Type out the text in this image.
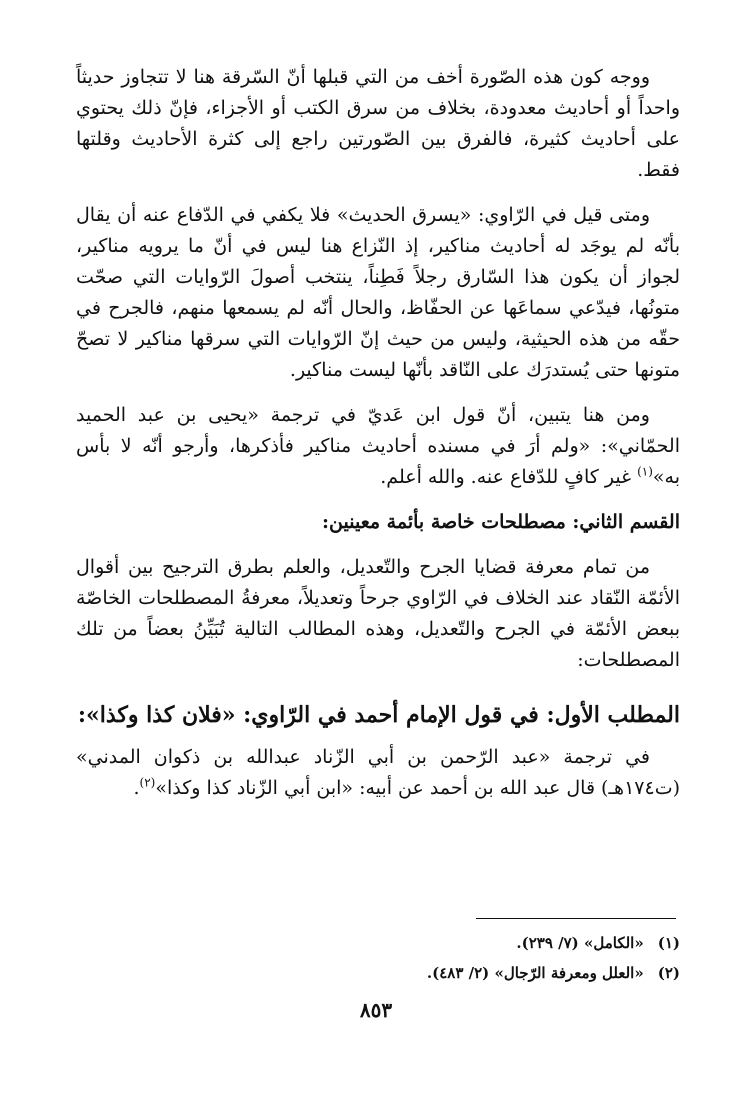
ووجه كون هذه الصّورة أخف من التي قبلها أنّ السّرقة هنا لا تتجاوز حديثاً واحداً أو أحاديث معدودة، بخلاف من سرق الكتب أو الأجزاء، فإنّ ذلك يحتوي على أحاديث كثيرة، فالفرق بين الصّورتين راجع إلى كثرة الأحاديث وقلتها فقط.

ومتى قيل في الرّاوي: «يسرق الحديث» فلا يكفي في الدّفاع عنه أن يقال بأنّه لم يوجَد له أحاديث مناكير، إذ النّزاع هنا ليس في أنّ ما يرويه مناكير، لجواز أن يكون هذا السّارق رجلاً فَطِناً، ينتخب أصولَ الرّوايات التي صحّت متونُها، فيدّعي سماعَها عن الحفّاظ، والحال أنّه لم يسمعها منهم، فالجرح في حقّه من هذه الحيثية، وليس من حيث إنّ الرّوايات التي سرقها مناكير لا تصحّ متونها حتى يُستدرَك على النّاقد بأنّها ليست مناكير.

ومن هنا يتبين، أنّ قول ابن عَديّ في ترجمة «يحيى بن عبد الحميد الحمّاني»: «ولم أرَ في مسنده أحاديث مناكير فأذكرها، وأرجو أنّه لا بأس به»$^{(١)}$ غير كافٍ للدّفاع عنه. والله أعلم.

القسم الثاني: مصطلحات خاصة بأئمة معينين:

من تمام معرفة قضايا الجرح والتّعديل، والعلم بطرق الترجيح بين أقوال الأئمّة النّقاد عند الخلاف في الرّاوي جرحاً وتعديلاً، معرفةُ المصطلحات الخاصّة ببعض الأئمّة في الجرح والتّعديل، وهذه المطالب التالية تُبَيِّنُ بعضاً من تلك المصطلحات:

المطلب الأول: في قول الإمام أحمد في الرّاوي: «فلان كذا وكذا»:

في ترجمة «عبد الرّحمن بن أبي الزّناد عبدالله بن ذكوان المدني» (ت١٧٤هـ) قال عبد الله بن أحمد عن أبيه: «ابن أبي الزّناد كذا وكذا»$^{(٢)}$.

(١)«الكامل» (٧/ ٢٣٩).
(٢)«العلل ومعرفة الرّجال» (٢/ ٤٨٣).
٨٥٣
